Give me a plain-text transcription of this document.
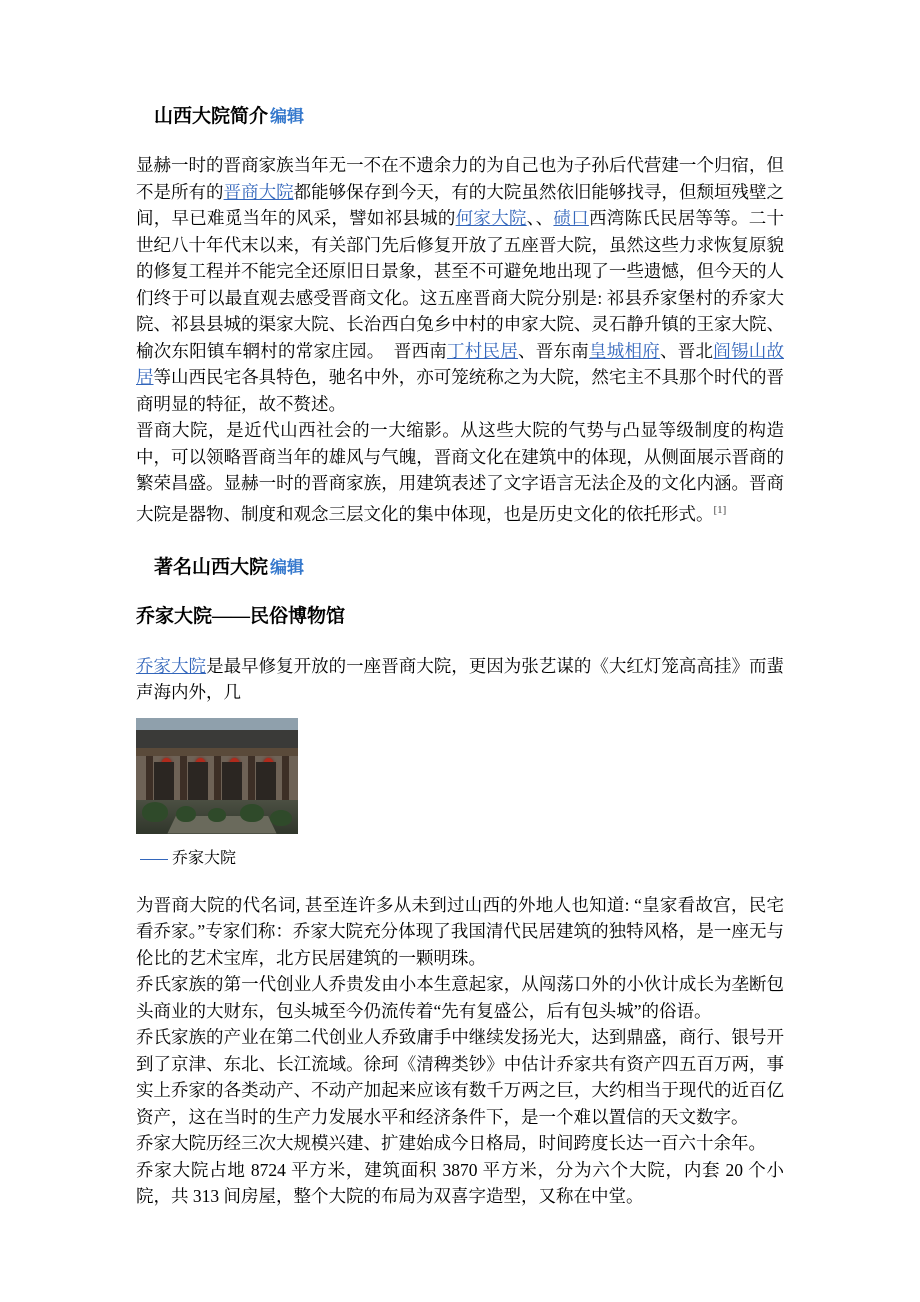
山西大院简介 编辑

显赫一时的晋商家族当年无一不在不遗余力的为自己也为子孙后代营建一个归宿，但不是所有的晋商大院都能够保存到今天，有的大院虽然依旧能够找寻，但颓垣残壁之间，早已难觅当年的风采，譬如祁县城的何家大院、、碛口西湾陈氏民居等等。二十世纪八十年代末以来，有关部门先后修复开放了五座晋大院，虽然这些力求恢复原貌的修复工程并不能完全还原旧日景象，甚至不可避免地出现了一些遗憾，但今天的人们终于可以最直观去感受晋商文化。这五座晋商大院分别是: 祁县乔家堡村的乔家大院、祁县县城的渠家大院、长治西白兔乡中村的申家大院、灵石静升镇的王家大院、榆次东阳镇车辋村的常家庄园。  晋西南丁村民居、晋东南皇城相府、晋北阎锡山故居等山西民宅各具特色，驰名中外，亦可笼统称之为大院，然宅主不具那个时代的晋商明显的特征，故不赘述。

晋商大院，是近代山西社会的一大缩影。从这些大院的气势与凸显等级制度的构造中，可以领略晋商当年的雄风与气魄，晋商文化在建筑中的体现，从侧面展示晋商的繁荣昌盛。显赫一时的晋商家族，用建筑表述了文字语言无法企及的文化内涵。晋商大院是器物、制度和观念三层文化的集中体现，也是历史文化的依托形式。[1]

著名山西大院 编辑
乔家大院——民俗博物馆

乔家大院是最早修复开放的一座晋商大院，更因为张艺谋的《大红灯笼高高挂》而蜚声海内外，几

乔家大院

为晋商大院的代名词, 甚至连许多从未到过山西的外地人也知道: “皇家看故宫，民宅看乔家。”专家们称：乔家大院充分体现了我国清代民居建筑的独特风格，是一座无与伦比的艺术宝库，北方民居建筑的一颗明珠。

乔氏家族的第一代创业人乔贵发由小本生意起家，从闯荡口外的小伙计成长为垄断包头商业的大财东，包头城至今仍流传着“先有复盛公，后有包头城”的俗语。

乔氏家族的产业在第二代创业人乔致庸手中继续发扬光大，达到鼎盛，商行、银号开到了京津、东北、长江流域。徐珂《清稗类钞》中估计乔家共有资产四五百万两，事实上乔家的各类动产、不动产加起来应该有数千万两之巨，大约相当于现代的近百亿资产，这在当时的生产力发展水平和经济条件下，是一个难以置信的天文数字。

乔家大院历经三次大规模兴建、扩建始成今日格局，时间跨度长达一百六十余年。

乔家大院占地 8724 平方米，建筑面积 3870 平方米，分为六个大院，内套 20 个小院，共 313 间房屋，整个大院的布局为双喜字造型，又称在中堂。
